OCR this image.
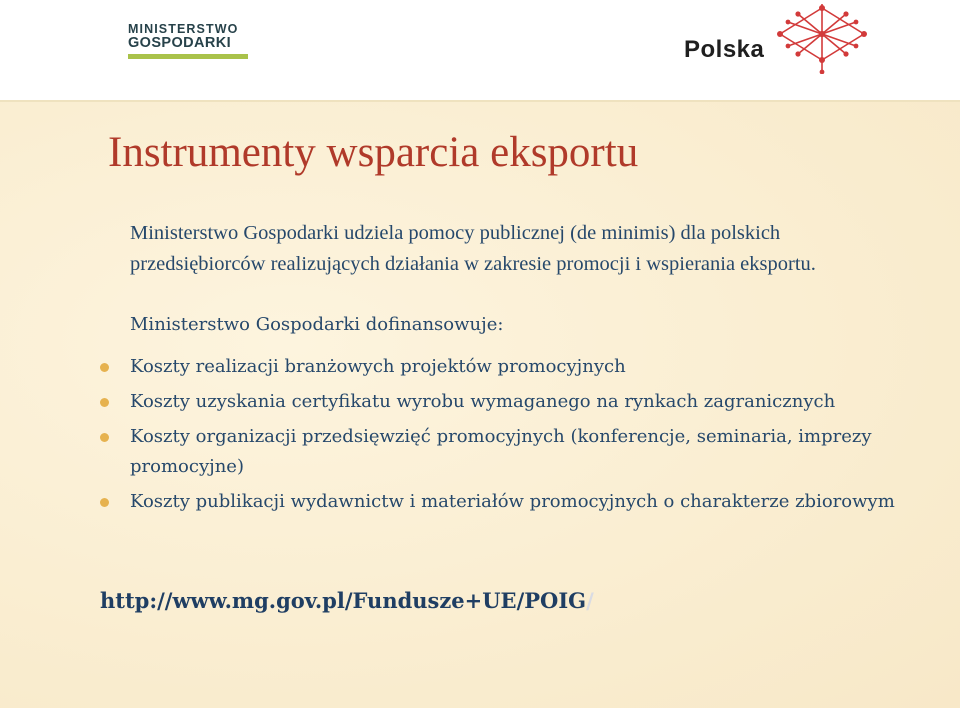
MINISTERSTWO
GOSPODARKI	Polska
Instrumenty wsparcia eksportu

Ministerstwo Gospodarki udziela pomocy publicznej (de minimis) dla polskich przedsiębiorców realizujących działania w zakresie promocji i wspierania eksportu.

Ministerstwo Gospodarki dofinansowuje:

Koszty realizacji branżowych projektów promocyjnych
Koszty uzyskania certyfikatu wyrobu wymaganego na rynkach zagranicznych
Koszty organizacji przedsięwzięć promocyjnych (konferencje, seminaria, imprezy promocyjne)
Koszty publikacji wydawnictw i materiałów promocyjnych o charakterze zbiorowym
http://www.mg.gov.pl/Fundusze+UE/POIG/
